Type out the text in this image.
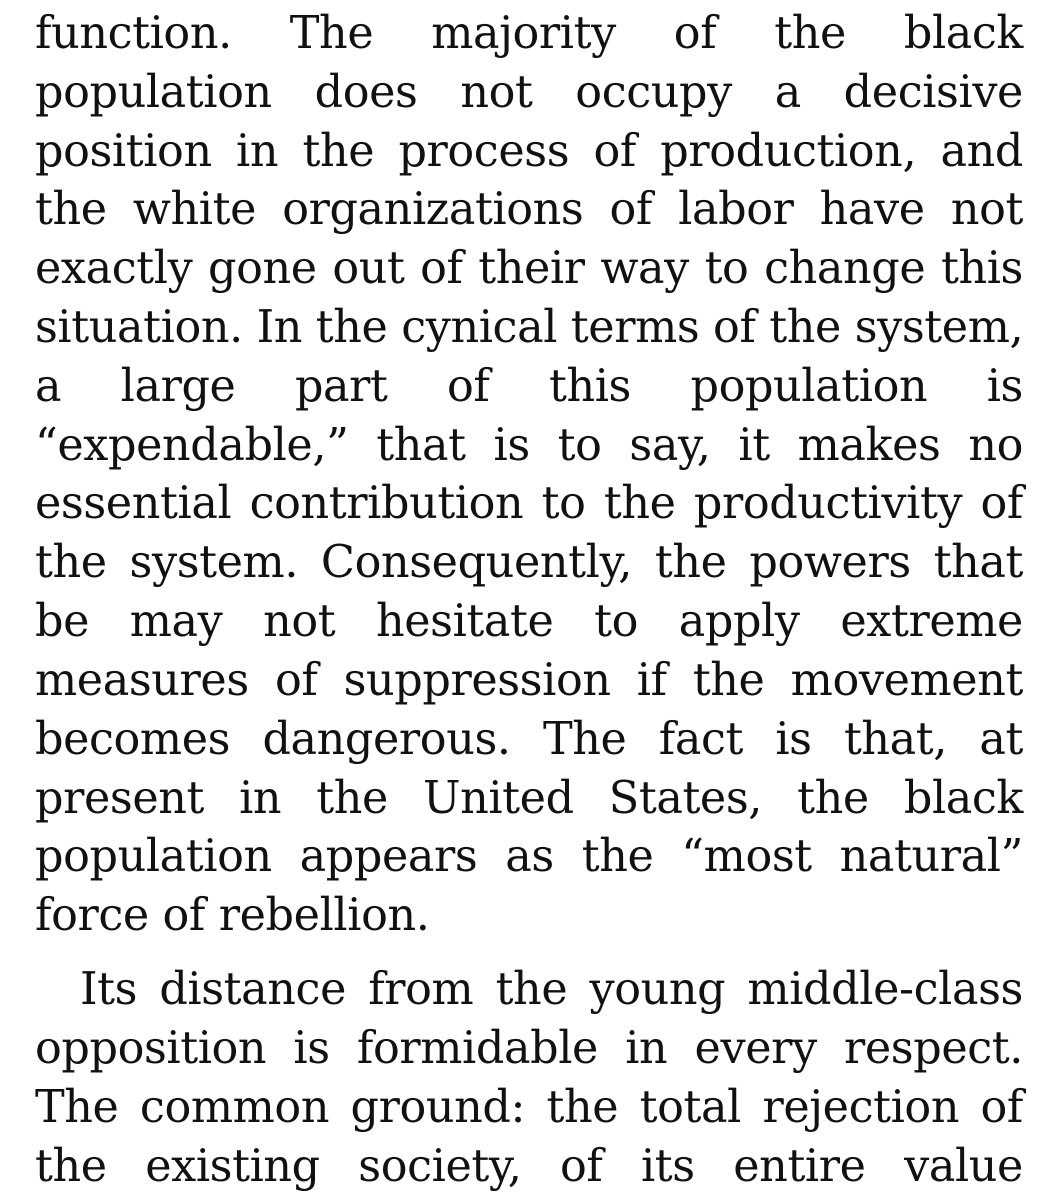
function. The majority of the black
population does not occupy a decisive
position in the process of production, and
the white organizations of labor have not
exactly gone out of their way to change this
situation. In the cynical terms of the system,
a large part of this population is
“expendable,” that is to say, it makes no
essential contribution to the productivity of
the system. Consequently, the powers that
be may not hesitate to apply extreme
measures of suppression if the movement
becomes dangerous. The fact is that, at
present in the United States, the black
population appears as the “most natural”
force of rebellion.
Its distance from the young middle-class
opposition is formidable in every respect.
The common ground: the total rejection of
the existing society, of its entire value
